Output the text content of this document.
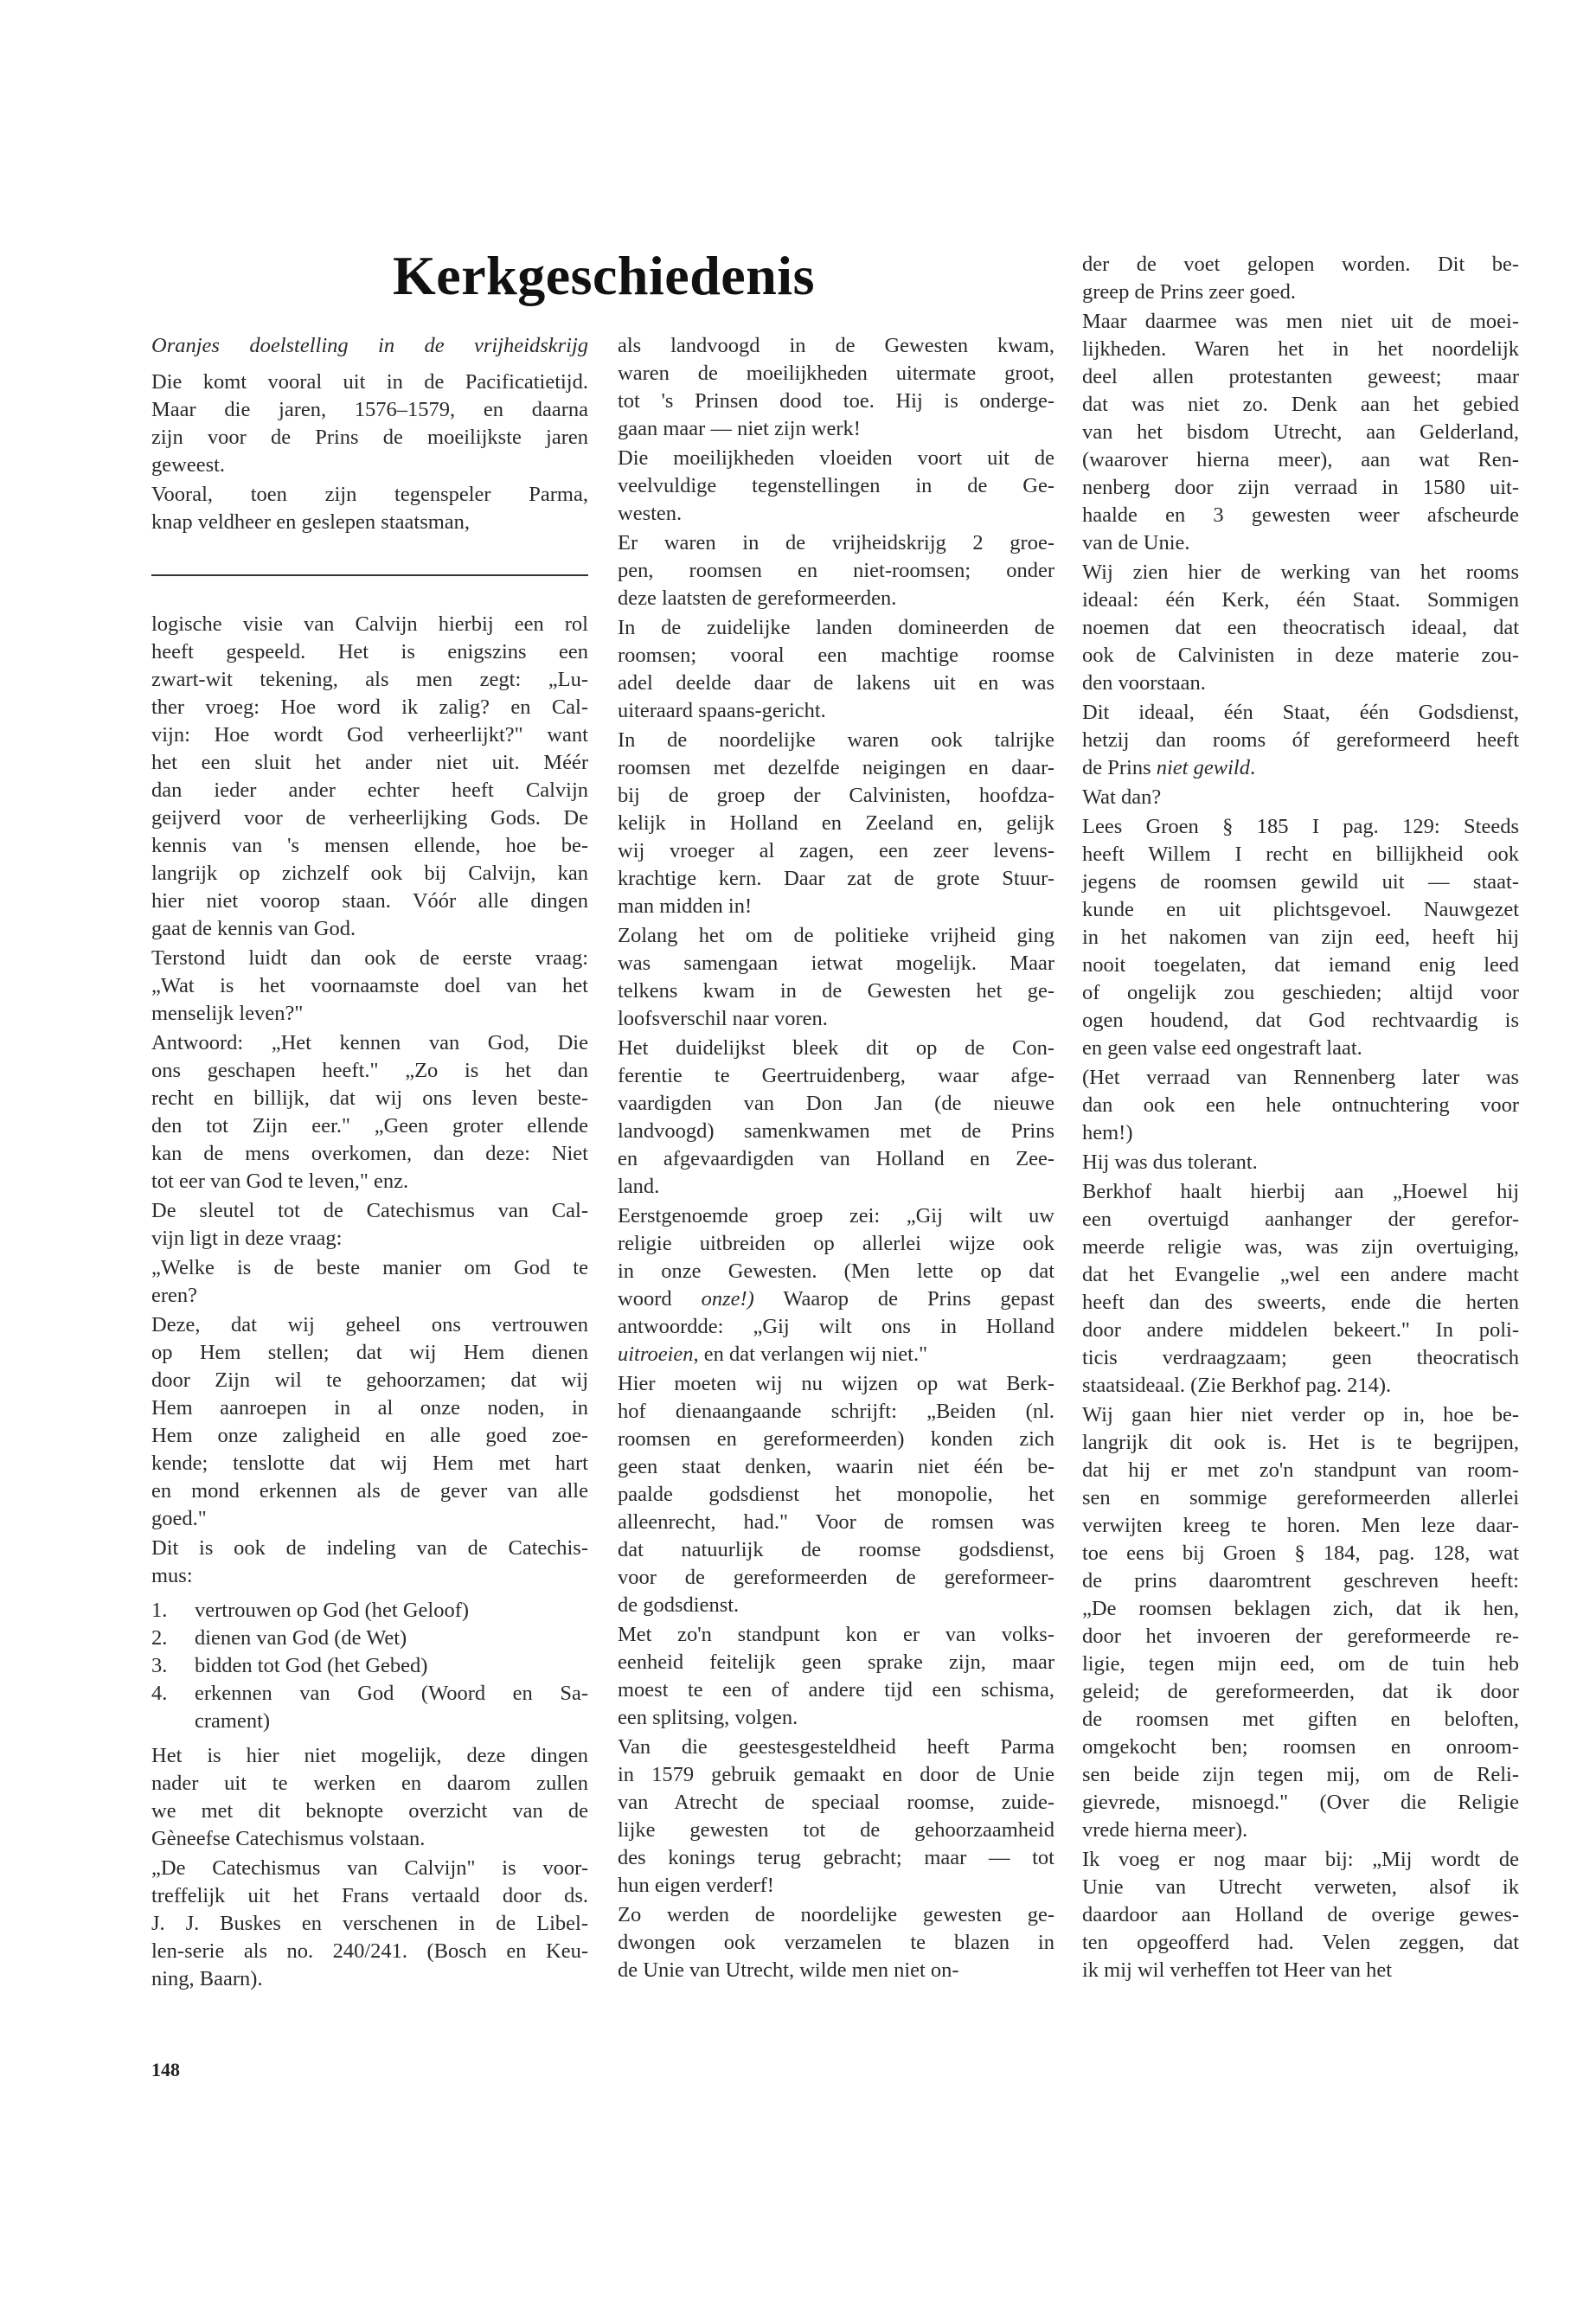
Kerkgeschiedenis
Oranjes doelstelling in de vrijheidskrijg
Die komt vooral uit in de Pacificatietijd.
Maar die jaren, 1576–1579, en daarna
zijn voor de Prins de moeilijkste jaren
geweest.
Vooral, toen zijn tegenspeler Parma,
knap veldheer en geslepen staatsman,
logische visie van Calvijn hierbij een rol
heeft gespeeld. Het is enigszins een
zwart-wit tekening, als men zegt: „Lu-
ther vroeg: Hoe word ik zalig? en Cal-
vijn: Hoe wordt God verheerlijkt?" want
het een sluit het ander niet uit. Méér
dan ieder ander echter heeft Calvijn
geijverd voor de verheerlijking Gods. De
kennis van 's mensen ellende, hoe be-
langrijk op zichzelf ook bij Calvijn, kan
hier niet voorop staan. Vóór alle dingen
gaat de kennis van God.
Terstond luidt dan ook de eerste vraag:
„Wat is het voornaamste doel van het
menselijk leven?"
Antwoord: „Het kennen van God, Die
ons geschapen heeft." „Zo is het dan
recht en billijk, dat wij ons leven beste-
den tot Zijn eer." „Geen groter ellende
kan de mens overkomen, dan deze: Niet
tot eer van God te leven," enz.
De sleutel tot de Catechismus van Cal-
vijn ligt in deze vraag:
„Welke is de beste manier om God te
eren?
Deze, dat wij geheel ons vertrouwen
op Hem stellen; dat wij Hem dienen
door Zijn wil te gehoorzamen; dat wij
Hem aanroepen in al onze noden, in
Hem onze zaligheid en alle goed zoe-
kende; tenslotte dat wij Hem met hart
en mond erkennen als de gever van alle
goed."
Dit is ook de indeling van de Catechis-
mus:
1.	vertrouwen op God (het Geloof)
2.	dienen van God (de Wet)
3.	bidden tot God (het Gebed)
4.	erkennen van God (Woord en Sa-
crament)
Het is hier niet mogelijk, deze dingen
nader uit te werken en daarom zullen
we met dit beknopte overzicht van de
Gèneefse Catechismus volstaan.
„De Catechismus van Calvijn" is voor-
treffelijk uit het Frans vertaald door ds.
J. J. Buskes en verschenen in de Libel-
len-serie als no. 240/241. (Bosch en Keu-
ning, Baarn).
als landvoogd in de Gewesten kwam,
waren de moeilijkheden uitermate groot,
tot 's Prinsen dood toe. Hij is onderge-
gaan maar — niet zijn werk!
Die moeilijkheden vloeiden voort uit de
veelvuldige tegenstellingen in de Ge-
westen.
Er waren in de vrijheidskrijg 2 groe-
pen, roomsen en niet-roomsen; onder
deze laatsten de gereformeerden.
In de zuidelijke landen domineerden de
roomsen; vooral een machtige roomse
adel deelde daar de lakens uit en was
uiteraard spaans-gericht.
In de noordelijke waren ook talrijke
roomsen met dezelfde neigingen en daar-
bij de groep der Calvinisten, hoofdza-
kelijk in Holland en Zeeland en, gelijk
wij vroeger al zagen, een zeer levens-
krachtige kern. Daar zat de grote Stuur-
man midden in!
Zolang het om de politieke vrijheid ging
was samengaan ietwat mogelijk. Maar
telkens kwam in de Gewesten het ge-
loofsverschil naar voren.
Het duidelijkst bleek dit op de Con-
ferentie te Geertruidenberg, waar afge-
vaardigden van Don Jan (de nieuwe
landvoogd) samenkwamen met de Prins
en afgevaardigden van Holland en Zee-
land.
Eerstgenoemde groep zei: „Gij wilt uw
religie uitbreiden op allerlei wijze ook
in onze Gewesten. (Men lette op dat
woord onze!) Waarop de Prins gepast
antwoordde: „Gij wilt ons in Holland
uitroeien, en dat verlangen wij niet."
Hier moeten wij nu wijzen op wat Berk-
hof dienaangaande schrijft: „Beiden (nl.
roomsen en gereformeerden) konden zich
geen staat denken, waarin niet één be-
paalde godsdienst het monopolie, het
alleenrecht, had." Voor de romsen was
dat natuurlijk de roomse godsdienst,
voor de gereformeerden de gereformeer-
de godsdienst.
Met zo'n standpunt kon er van volks-
eenheid feitelijk geen sprake zijn, maar
moest te een of andere tijd een schisma,
een splitsing, volgen.
Van die geestesgesteldheid heeft Parma
in 1579 gebruik gemaakt en door de Unie
van Atrecht de speciaal roomse, zuide-
lijke gewesten tot de gehoorzaamheid
des konings terug gebracht; maar — tot
hun eigen verderf!
Zo werden de noordelijke gewesten ge-
dwongen ook verzamelen te blazen in
de Unie van Utrecht, wilde men niet on-
der de voet gelopen worden. Dit be-
greep de Prins zeer goed.
Maar daarmee was men niet uit de moei-
lijkheden. Waren het in het noordelijk
deel allen protestanten geweest; maar
dat was niet zo. Denk aan het gebied
van het bisdom Utrecht, aan Gelderland,
(waarover hierna meer), aan wat Ren-
nenberg door zijn verraad in 1580 uit-
haalde en 3 gewesten weer afscheurde
van de Unie.
Wij zien hier de werking van het rooms
ideaal: één Kerk, één Staat. Sommigen
noemen dat een theocratisch ideaal, dat
ook de Calvinisten in deze materie zou-
den voorstaan.
Dit ideaal, één Staat, één Godsdienst,
hetzij dan rooms óf gereformeerd heeft
de Prins niet gewild.
Wat dan?
Lees Groen § 185 I pag. 129: Steeds
heeft Willem I recht en billijkheid ook
jegens de roomsen gewild uit — staat-
kunde en uit plichtsgevoel. Nauwgezet
in het nakomen van zijn eed, heeft hij
nooit toegelaten, dat iemand enig leed
of ongelijk zou geschieden; altijd voor
ogen houdend, dat God rechtvaardig is
en geen valse eed ongestraft laat.
(Het verraad van Rennenberg later was
dan ook een hele ontnuchtering voor
hem!)
Hij was dus tolerant.
Berkhof haalt hierbij aan „Hoewel hij
een overtuigd aanhanger der gerefor-
meerde religie was, was zijn overtuiging,
dat het Evangelie „wel een andere macht
heeft dan des sweerts, ende die herten
door andere middelen bekeert." In poli-
ticis verdraagzaam; geen theocratisch
staatsideaal. (Zie Berkhof pag. 214).
Wij gaan hier niet verder op in, hoe be-
langrijk dit ook is. Het is te begrijpen,
dat hij er met zo'n standpunt van room-
sen en sommige gereformeerden allerlei
verwijten kreeg te horen. Men leze daar-
toe eens bij Groen § 184, pag. 128, wat
de prins daaromtrent geschreven heeft:
„De roomsen beklagen zich, dat ik hen,
door het invoeren der gereformeerde re-
ligie, tegen mijn eed, om de tuin heb
geleid; de gereformeerden, dat ik door
de roomsen met giften en beloften,
omgekocht ben; roomsen en onroom-
sen beide zijn tegen mij, om de Reli-
gievrede, misnoegd." (Over die Religie
vrede hierna meer).
Ik voeg er nog maar bij: „Mij wordt de
Unie van Utrecht verweten, alsof ik
daardoor aan Holland de overige gewes-
ten opgeofferd had. Velen zeggen, dat
ik mij wil verheffen tot Heer van het
148
